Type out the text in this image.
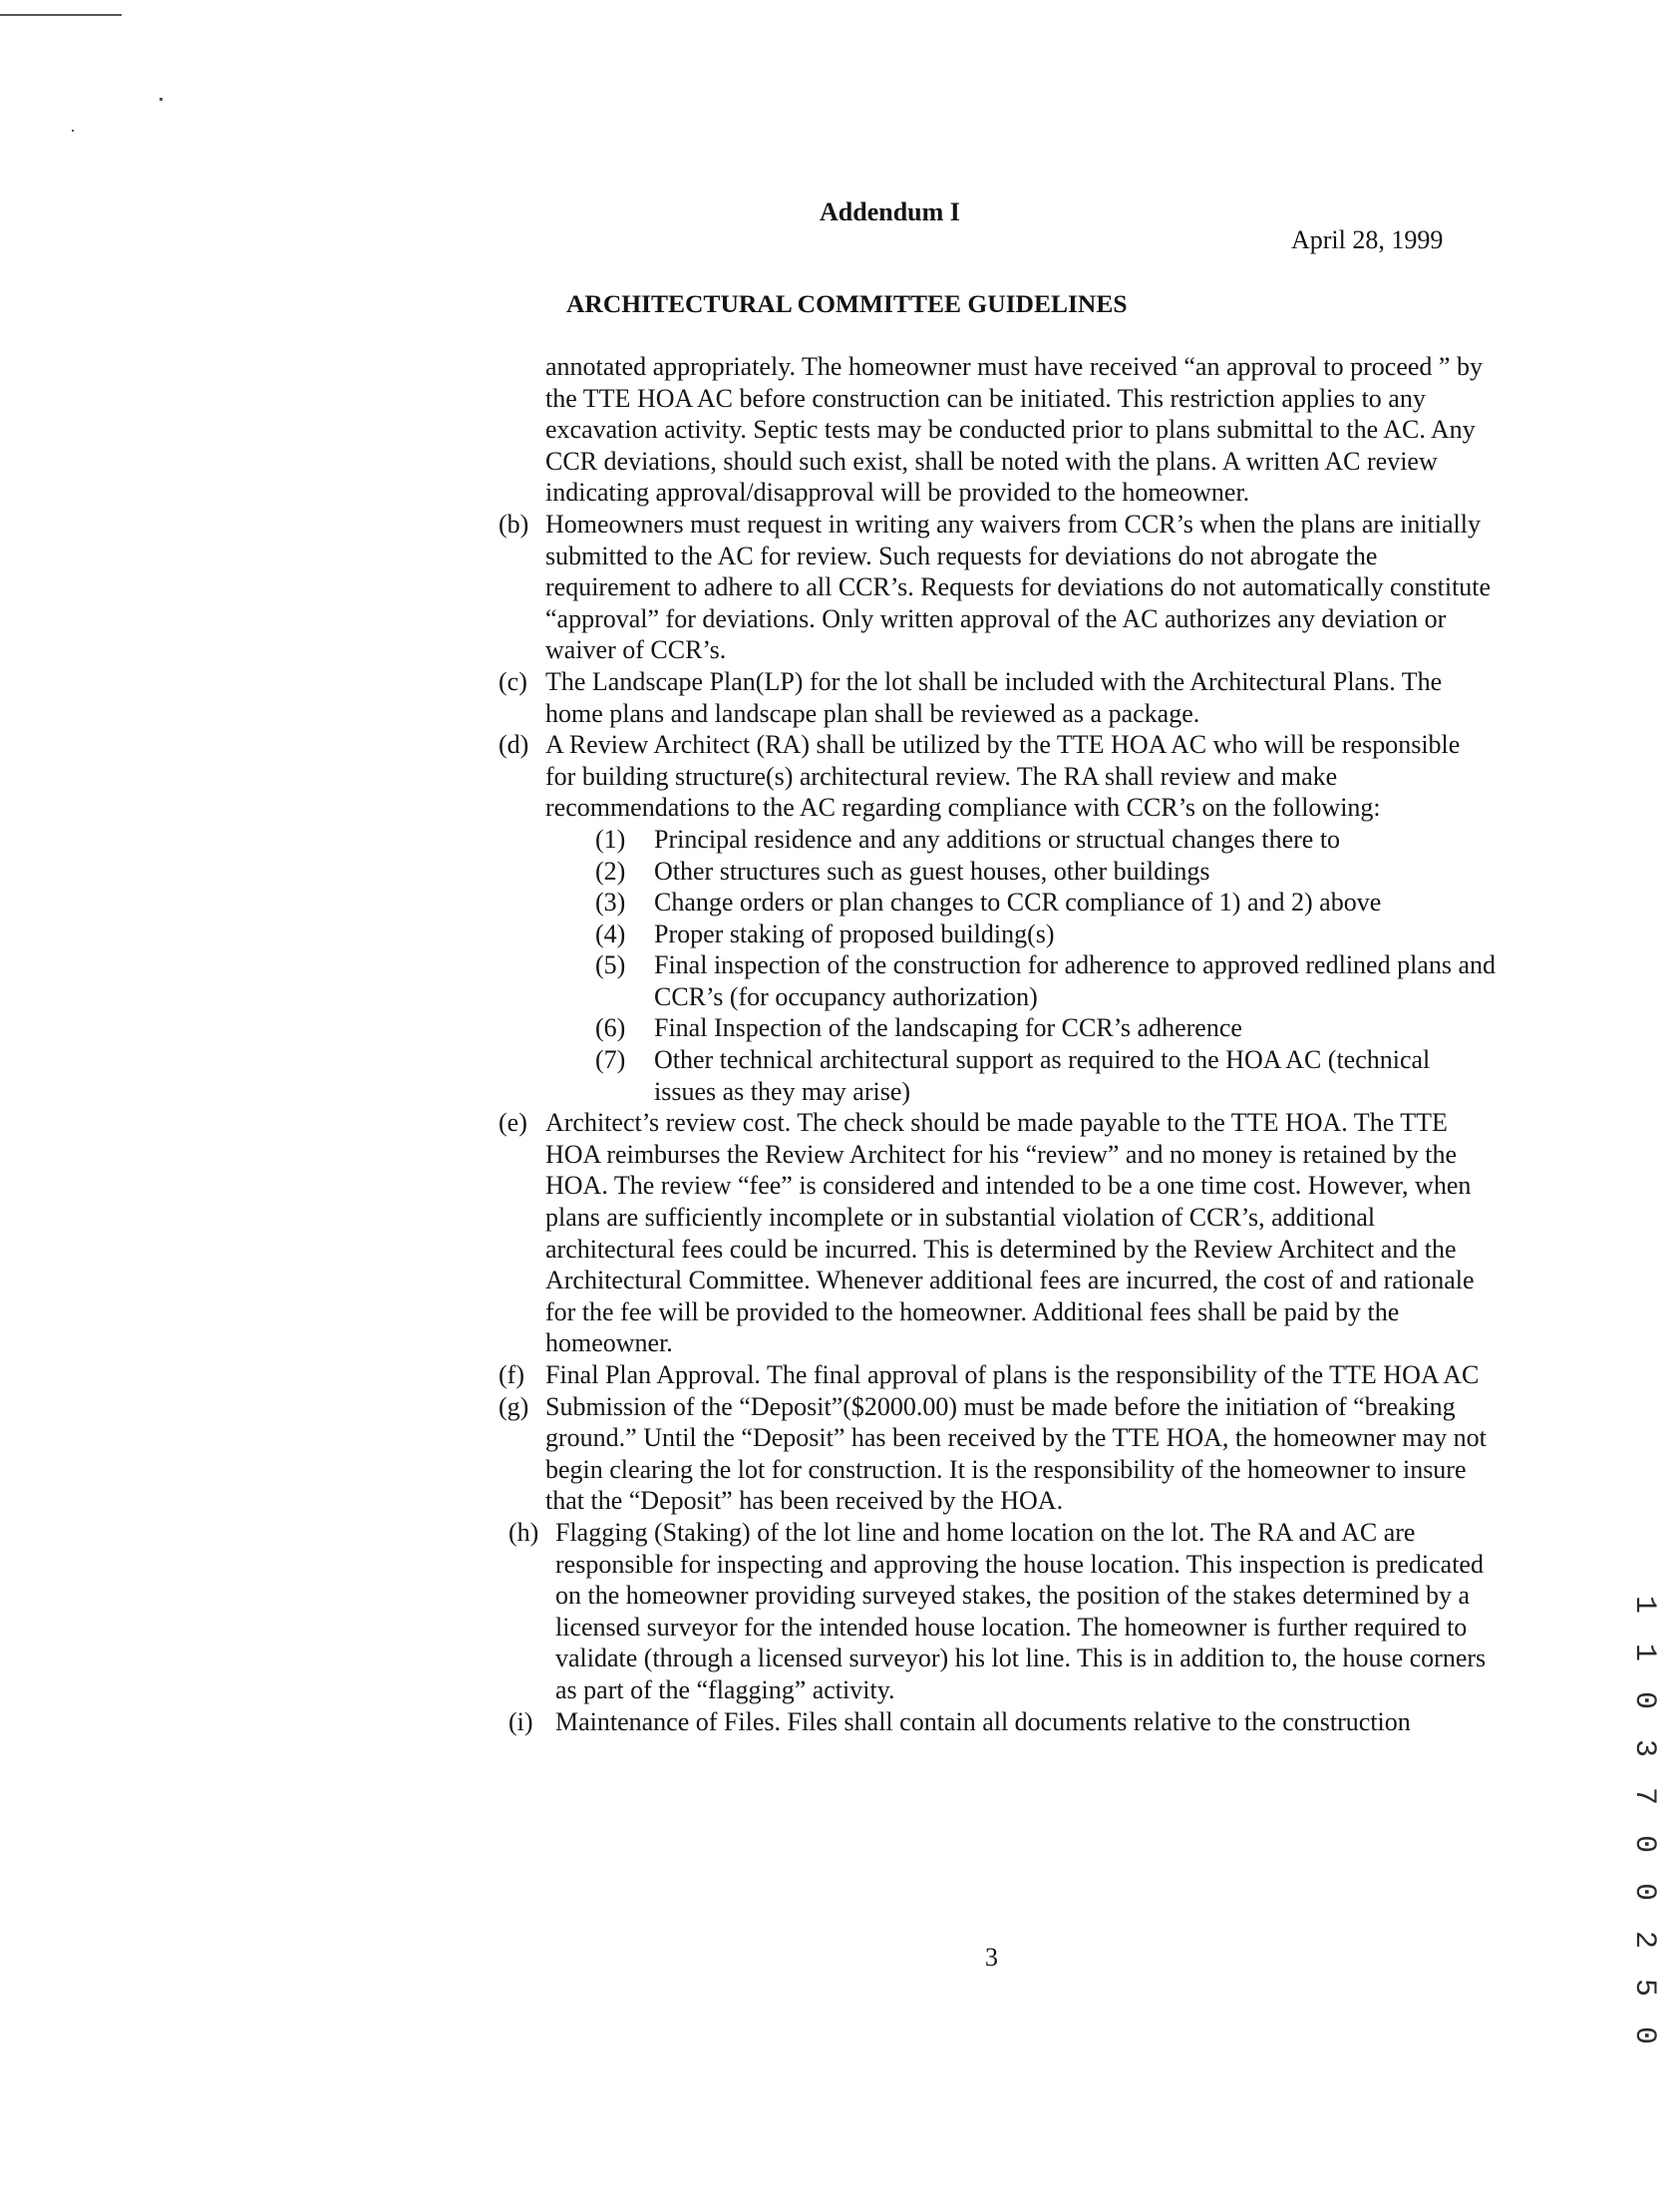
Addendum I
April 28, 1999
ARCHITECTURAL COMMITTEE GUIDELINES
annotated appropriately. The homeowner must have received “an approval to proceed ” by the TTE HOA AC before construction can be initiated. This restriction applies to any excavation activity. Septic tests may be conducted prior to plans submittal to the AC. Any CCR deviations, should such exist, shall be noted with the plans. A written AC review indicating approval/disapproval will be provided to the homeowner.
(b) Homeowners must request in writing any waivers from CCR’s when the plans are initially submitted to the AC for review. Such requests for deviations do not abrogate the requirement to adhere to all CCR’s. Requests for deviations do not automatically constitute “approval” for deviations. Only written approval of the AC authorizes any deviation or waiver of CCR’s.
(c) The Landscape Plan(LP) for the lot shall be included with the Architectural Plans. The home plans and landscape plan shall be reviewed as a package.
(d) A Review Architect (RA) shall be utilized by the TTE HOA AC who will be responsible for building structure(s) architectural review. The RA shall review and make recommendations to the AC regarding compliance with CCR’s on the following:
(1) Principal residence and any additions or structual changes there to
(2) Other structures such as guest houses, other buildings
(3) Change orders or plan changes to CCR compliance of 1) and 2) above
(4) Proper staking of proposed building(s)
(5) Final inspection of the construction for adherence to approved redlined plans and CCR’s (for occupancy authorization)
(6) Final Inspection of the landscaping for CCR’s adherence
(7) Other technical architectural support as required to the HOA AC (technical issues as they may arise)
(e) Architect’s review cost. The check should be made payable to the TTE HOA. The TTE HOA reimburses the Review Architect for his “review” and no money is retained by the HOA. The review “fee” is considered and intended to be a one time cost. However, when plans are sufficiently incomplete or in substantial violation of CCR’s, additional architectural fees could be incurred. This is determined by the Review Architect and the Architectural Committee. Whenever additional fees are incurred, the cost of and rationale for the fee will be provided to the homeowner. Additional fees shall be paid by the homeowner.
(f) Final Plan Approval. The final approval of plans is the responsibility of the TTE HOA AC
(g) Submission of the “Deposit”($2000.00) must be made before the initiation of “breaking ground.” Until the “Deposit” has been received by the TTE HOA, the homeowner may not begin clearing the lot for construction. It is the responsibility of the homeowner to insure that the “Deposit” has been received by the HOA.
(h) Flagging (Staking) of the lot line and home location on the lot. The RA and AC are responsible for inspecting and approving the house location. This inspection is predicated on the homeowner providing surveyed stakes, the position of the stakes determined by a licensed surveyor for the intended house location. The homeowner is further required to validate (through a licensed surveyor) his lot line. This is in addition to, the house corners as part of the “flagging” activity.
(i) Maintenance of Files. Files shall contain all documents relative to the construction
3	1 1 0 3 7 0 0 2 5 0
